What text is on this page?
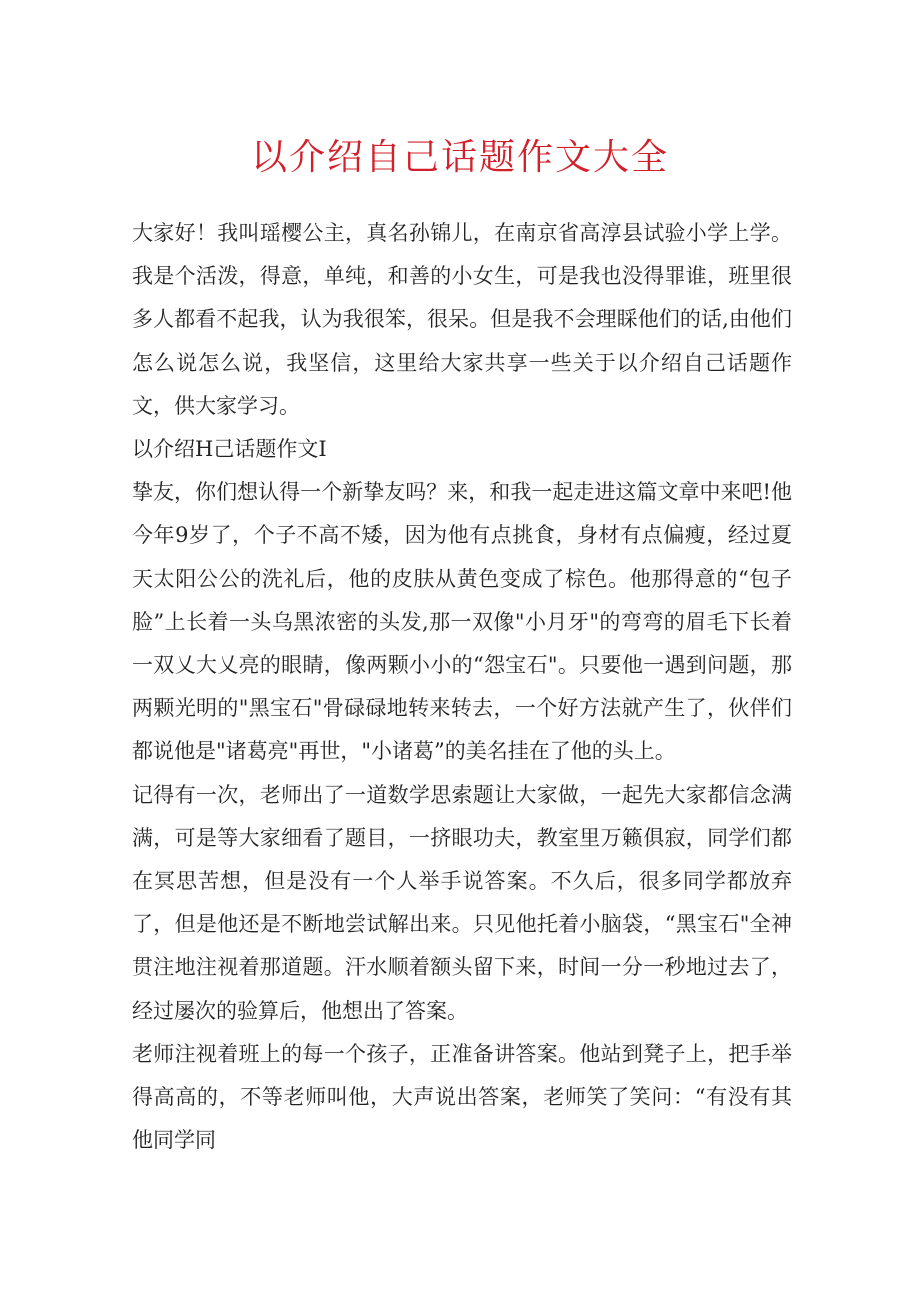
以介绍自己话题作文大全

大家好！我叫瑶樱公主，真名孙锦儿，在南京省高淳县试验小学上学。我是个活泼，得意，单纯，和善的小女生，可是我也没得罪谁，班里很多人都看不起我，认为我很笨，很呆。但是我不会理睬他们的话,由他们怎么说怎么说，我坚信，这里给大家共享一些关于以介绍自己话题作文，供大家学习。

以介绍H己话题作文I

挚友，你们想认得一个新挚友吗？来，和我一起走进这篇文章中来吧!他今年9岁了，个子不高不矮，因为他有点挑食，身材有点偏瘦，经过夏天太阳公公的洗礼后，他的皮肤从黄色变成了棕色。他那得意的“包子脸”上长着一头乌黑浓密的头发,那一双像"小月牙"的弯弯的眉毛下长着一双乂大乂亮的眼睛，像两颗小小的“怨宝石"。只要他一遇到问题，那两颗光明的"黑宝石"骨碌碌地转来转去，一个好方法就产生了，伙伴们都说他是"诸葛亮"再世，"小诸葛”的美名挂在了他的头上。

记得有一次，老师出了一道数学思索题让大家做，一起先大家都信念满满，可是等大家细看了题目，一挤眼功夫，教室里万籁俱寂，同学们都在冥思苦想，但是没有一个人举手说答案。不久后，很多同学都放弃了，但是他还是不断地尝试解出来。只见他托着小脑袋，“黑宝石"全神贯注地注视着那道题。汗水顺着额头留下来，时间一分一秒地过去了，经过屡次的验算后，他想出了答案。

老师注视着班上的每一个孩子，正准备讲答案。他站到凳子上，把手举得高高的，不等老师叫他，大声说出答案，老师笑了笑问：“有没有其他同学同
